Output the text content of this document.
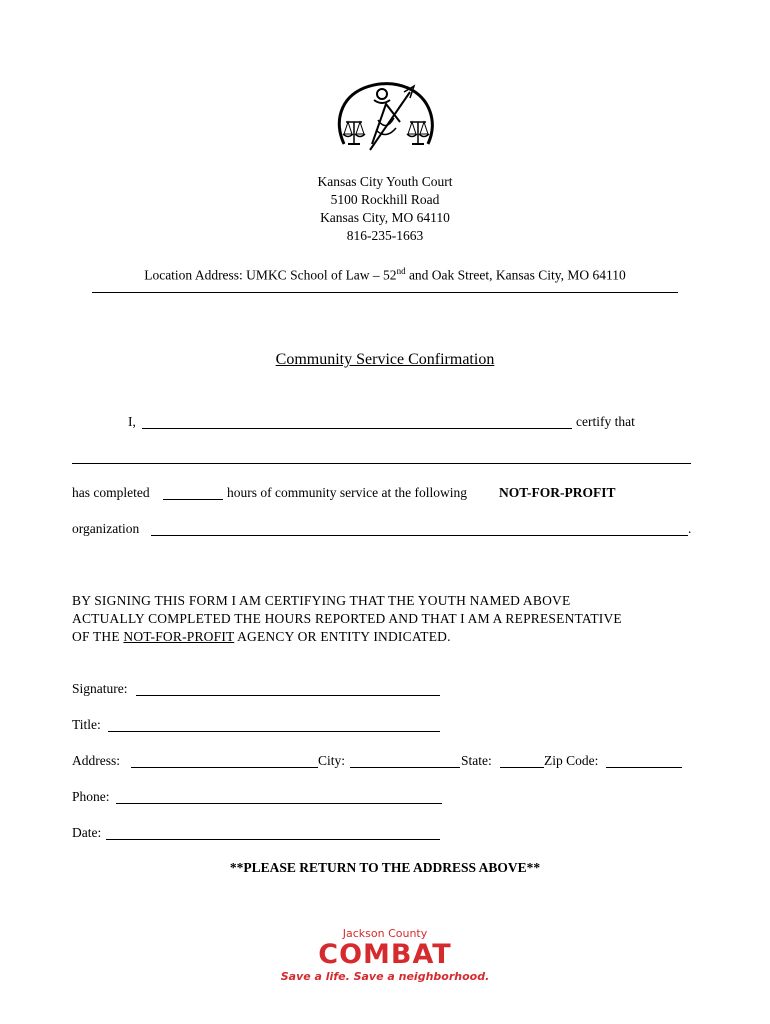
Kansas City Youth Court
5100 Rockhill Road
Kansas City, MO 64110
816-235-1663
Location Address: UMKC School of Law – 52nd and Oak Street, Kansas City, MO 64110
Community Service Confirmation
I,	certify that
has completed	hours of community service at the following NOT-FOR-PROFIT
organization	.
BY SIGNING THIS FORM I AM CERTIFYING THAT THE YOUTH NAMED ABOVE
ACTUALLY COMPLETED THE HOURS REPORTED AND THAT I AM A REPRESENTATIVE
OF THE NOT-FOR-PROFIT AGENCY OR ENTITY INDICATED.
Signature:
Title:
Address:	City:	State:	Zip Code:
Phone:
Date:
**PLEASE RETURN TO THE ADDRESS ABOVE**
Jackson County
COMBAT
Save a life. Save a neighborhood.
